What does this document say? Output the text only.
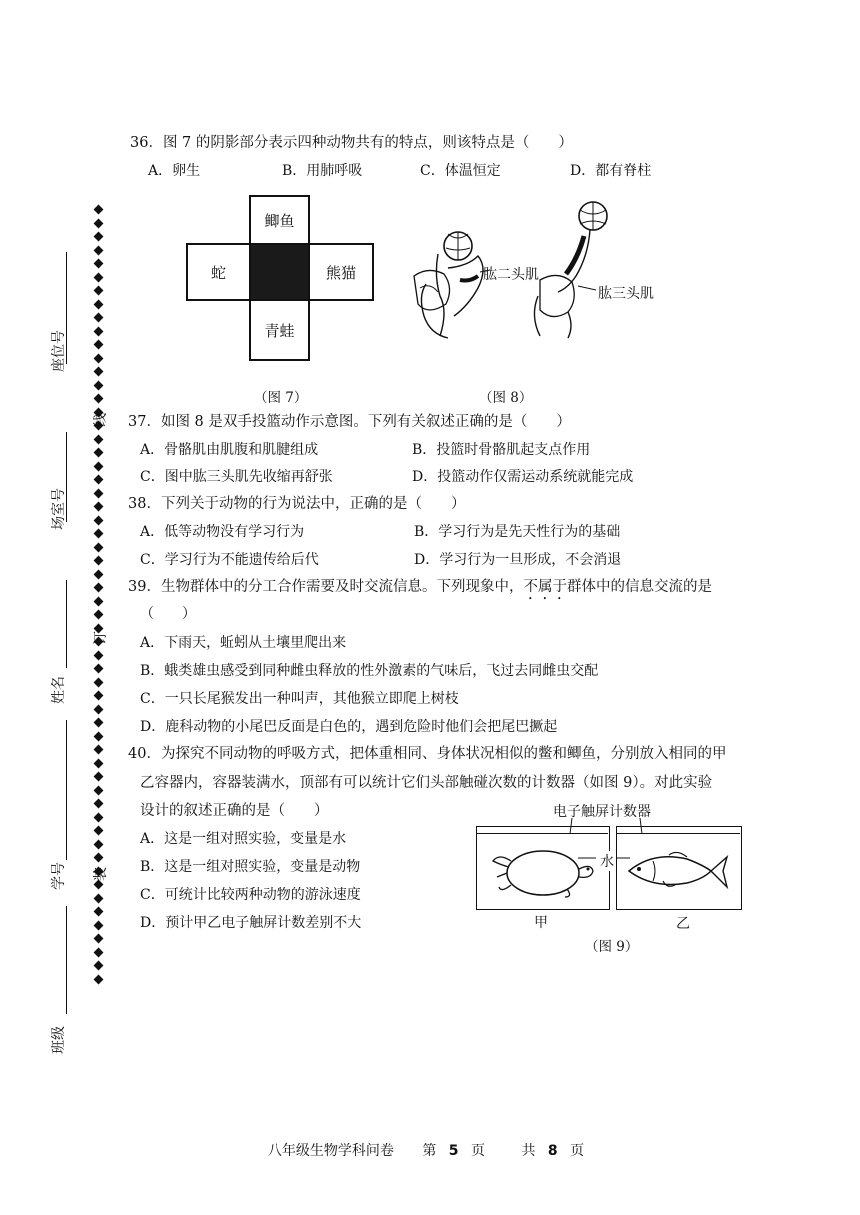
座位号
场室号
姓名
学号
班级
线
订
装
36．图 7 的阴影部分表示四种动物共有的特点，则该特点是（　　）
A．卵生	B．用肺呼吸	C．体温恒定	D．都有脊柱
鲫鱼
蛇	熊猫
青蛙
（图 7）
肱二头肌
肱三头肌
（图 8）
37．如图 8 是双手投篮动作示意图。下列有关叙述正确的是（　　）
A．骨骼肌由肌腹和肌腱组成	B．投篮时骨骼肌起支点作用
C．图中肱三头肌先收缩再舒张	D．投篮动作仅需运动系统就能完成
38．下列关于动物的行为说法中，正确的是（　　）
A．低等动物没有学习行为	B．学习行为是先天性行为的基础
C．学习行为不能遗传给后代	D．学习行为一旦形成，不会消退
39．生物群体中的分工合作需要及时交流信息。下列现象中，不属于群体中的信息交流的是
（　　）
A．下雨天，蚯蚓从土壤里爬出来
B．蛾类雄虫感受到同种雌虫释放的性外激素的气味后，飞过去同雌虫交配
C．一只长尾猴发出一种叫声，其他猴立即爬上树枝
D．鹿科动物的小尾巴反面是白色的，遇到危险时他们会把尾巴撅起
40．为探究不同动物的呼吸方式，把体重相同、身体状况相似的鳖和鲫鱼，分别放入相同的甲
乙容器内，容器装满水，顶部有可以统计它们头部触碰次数的计数器（如图 9）。对此实验
设计的叙述正确的是（　　）
A．这是一组对照实验，变量是水
B．这是一组对照实验，变量是动物
C．可统计比较两种动物的游泳速度
D．预计甲乙电子触屏计数差别不大
电子触屏计数器
水
甲	乙
（图 9）
八年级生物学科问卷 第 5 页	共 8 页
